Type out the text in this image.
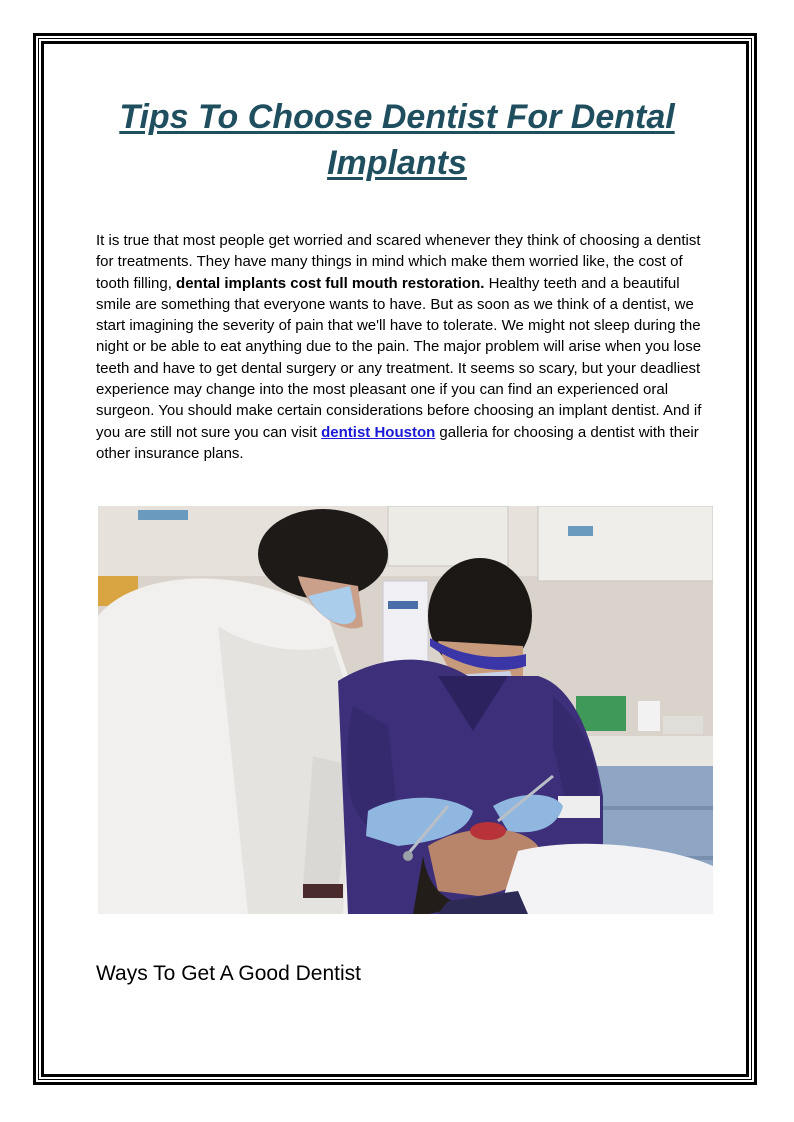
Tips To Choose Dentist For Dental Implants

It is true that most people get worried and scared whenever they think of choosing a dentist for treatments. They have many things in mind which make them worried like, the cost of tooth filling, dental implants cost full mouth restoration. Healthy teeth and a beautiful smile are something that everyone wants to have. But as soon as we think of a dentist, we start imagining the severity of pain that we'll have to tolerate. We might not sleep during the night or be able to eat anything due to the pain. The major problem will arise when you lose teeth and have to get dental surgery or any treatment. It seems so scary, but your deadliest experience may change into the most pleasant one if you can find an experienced oral surgeon. You should make certain considerations before choosing an implant dentist. And if you are still not sure you can visit dentist Houston galleria for choosing a dentist with their other insurance plans.

Ways To Get A Good Dentist
